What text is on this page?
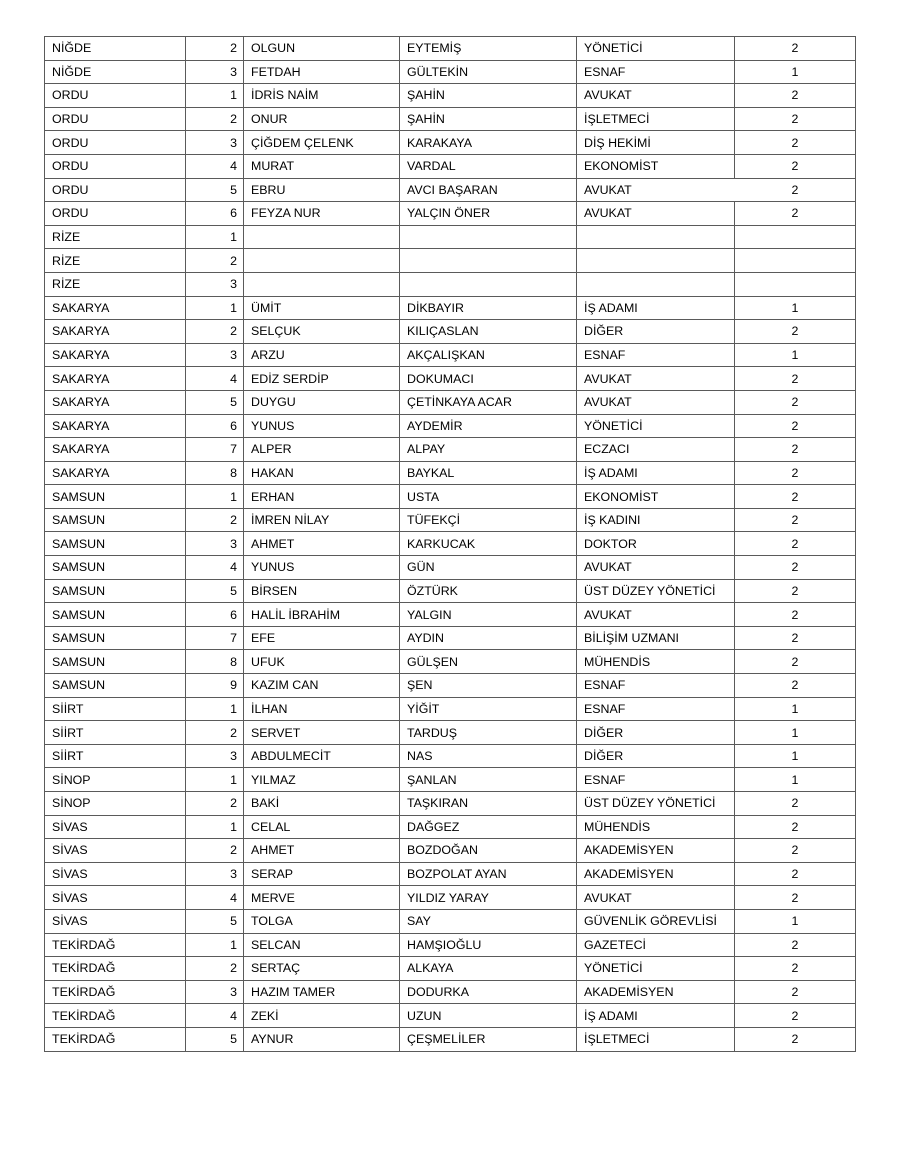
NİĞDE	2	OLGUN	EYTEMİŞ	YÖNETİCİ	2
NİĞDE	3	FETDAH	GÜLTEKİN	ESNAF	1
ORDU	1	İDRİS NAİM	ŞAHİN	AVUKAT	2
ORDU	2	ONUR	ŞAHİN	İŞLETMECİ	2
ORDU	3	ÇİĞDEM ÇELENK	KARAKAYA	DİŞ HEKİMİ	2
ORDU	4	MURAT	VARDAL	EKONOMİST	2
ORDU	5	EBRU	AVCI BAŞARAN	AVUKAT	2
ORDU	6	FEYZA NUR	YALÇIN ÖNER	AVUKAT	2
RİZE	1				
RİZE	2				
RİZE	3				
SAKARYA	1	ÜMİT	DİKBAYIR	İŞ ADAMI	1
SAKARYA	2	SELÇUK	KILIÇASLAN	DİĞER	2
SAKARYA	3	ARZU	AKÇALIŞKAN	ESNAF	1
SAKARYA	4	EDİZ SERDİP	DOKUMACI	AVUKAT	2
SAKARYA	5	DUYGU	ÇETİNKAYA ACAR	AVUKAT	2
SAKARYA	6	YUNUS	AYDEMİR	YÖNETİCİ	2
SAKARYA	7	ALPER	ALPAY	ECZACI	2
SAKARYA	8	HAKAN	BAYKAL	İŞ ADAMI	2
SAMSUN	1	ERHAN	USTA	EKONOMİST	2
SAMSUN	2	İMREN NİLAY	TÜFEKÇİ	İŞ KADINI	2
SAMSUN	3	AHMET	KARKUCAK	DOKTOR	2
SAMSUN	4	YUNUS	GÜN	AVUKAT	2
SAMSUN	5	BİRSEN	ÖZTÜRK	ÜST DÜZEY YÖNETİCİ	2
SAMSUN	6	HALİL İBRAHİM	YALGIN	AVUKAT	2
SAMSUN	7	EFE	AYDIN	BİLİŞİM UZMANI	2
SAMSUN	8	UFUK	GÜLŞEN	MÜHENDİS	2
SAMSUN	9	KAZIM CAN	ŞEN	ESNAF	2
SİİRT	1	İLHAN	YİĞİT	ESNAF	1
SİİRT	2	SERVET	TARDUŞ	DİĞER	1
SİİRT	3	ABDULMECİT	NAS	DİĞER	1
SİNOP	1	YILMAZ	ŞANLAN	ESNAF	1
SİNOP	2	BAKİ	TAŞKIRAN	ÜST DÜZEY YÖNETİCİ	2
SİVAS	1	CELAL	DAĞGEZ	MÜHENDİS	2
SİVAS	2	AHMET	BOZDOĞAN	AKADEMİSYEN	2
SİVAS	3	SERAP	BOZPOLAT AYAN	AKADEMİSYEN	2
SİVAS	4	MERVE	YILDIZ YARAY	AVUKAT	2
SİVAS	5	TOLGA	SAY	GÜVENLİK GÖREVLİSİ	1
TEKİRDAĞ	1	SELCAN	HAMŞIOĞLU	GAZETECİ	2
TEKİRDAĞ	2	SERTAÇ	ALKAYA	YÖNETİCİ	2
TEKİRDAĞ	3	HAZIM TAMER	DODURKA	AKADEMİSYEN	2
TEKİRDAĞ	4	ZEKİ	UZUN	İŞ ADAMI	2
TEKİRDAĞ	5	AYNUR	ÇEŞMELİLER	İŞLETMECİ	2
